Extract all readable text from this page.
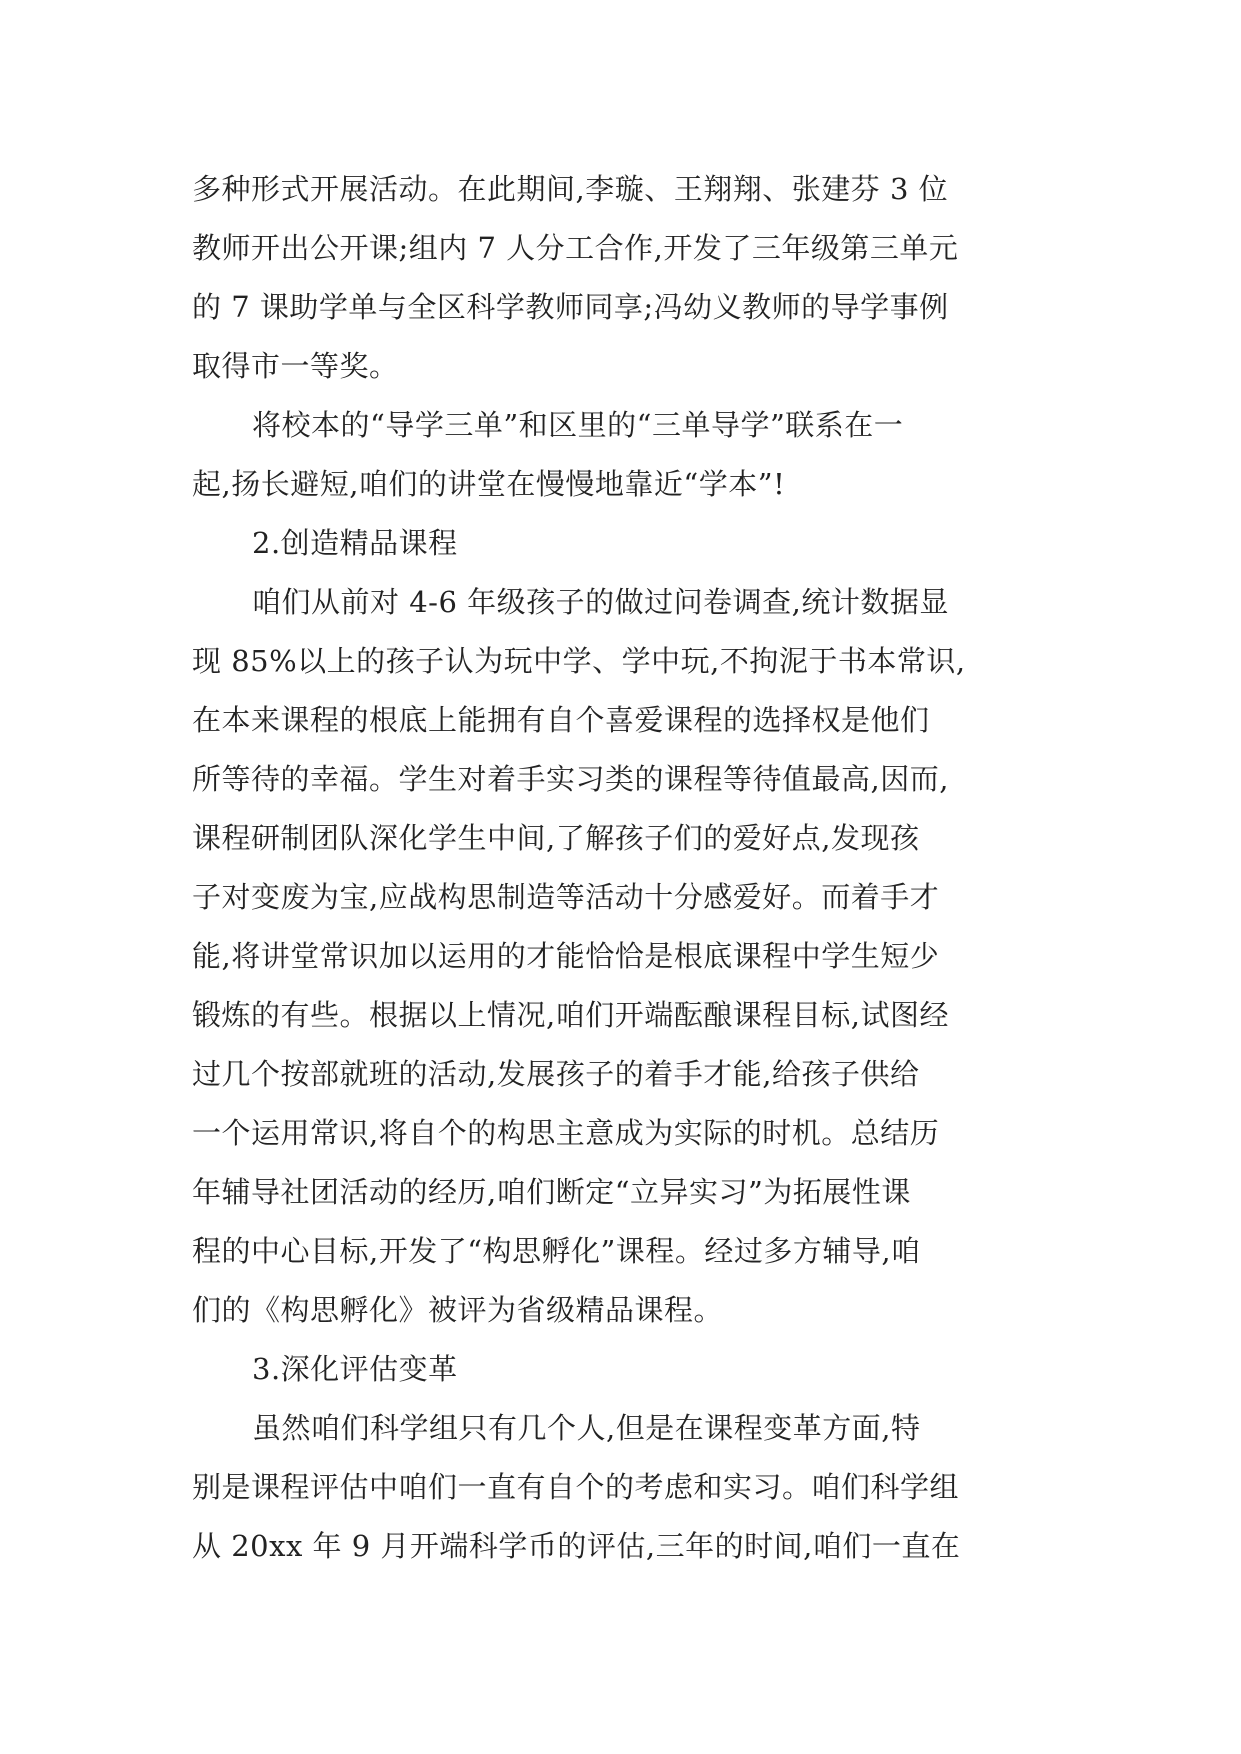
多种形式开展活动。在此期间,李璇、王翔翔、张建芬 3 位
教师开出公开课;组内 7 人分工合作,开发了三年级第三单元
的 7 课助学单与全区科学教师同享;冯幼义教师的导学事例
取得市一等奖。
将校本的“导学三单”和区里的“三单导学”联系在一
起,扬长避短,咱们的讲堂在慢慢地靠近“学本”!
2.创造精品课程
咱们从前对 4-6 年级孩子的做过问卷调查,统计数据显
现 85%以上的孩子认为玩中学、学中玩,不拘泥于书本常识,
在本来课程的根底上能拥有自个喜爱课程的选择权是他们
所等待的幸福。学生对着手实习类的课程等待值最高,因而,
课程研制团队深化学生中间,了解孩子们的爱好点,发现孩
子对变废为宝,应战构思制造等活动十分感爱好。而着手才
能,将讲堂常识加以运用的才能恰恰是根底课程中学生短少
锻炼的有些。根据以上情况,咱们开端酝酿课程目标,试图经
过几个按部就班的活动,发展孩子的着手才能,给孩子供给
一个运用常识,将自个的构思主意成为实际的时机。总结历
年辅导社团活动的经历,咱们断定“立异实习”为拓展性课
程的中心目标,开发了“构思孵化”课程。经过多方辅导,咱
们的《构思孵化》被评为省级精品课程。
3.深化评估变革
虽然咱们科学组只有几个人,但是在课程变革方面,特
别是课程评估中咱们一直有自个的考虑和实习。咱们科学组
从 20xx 年 9 月开端科学币的评估,三年的时间,咱们一直在
